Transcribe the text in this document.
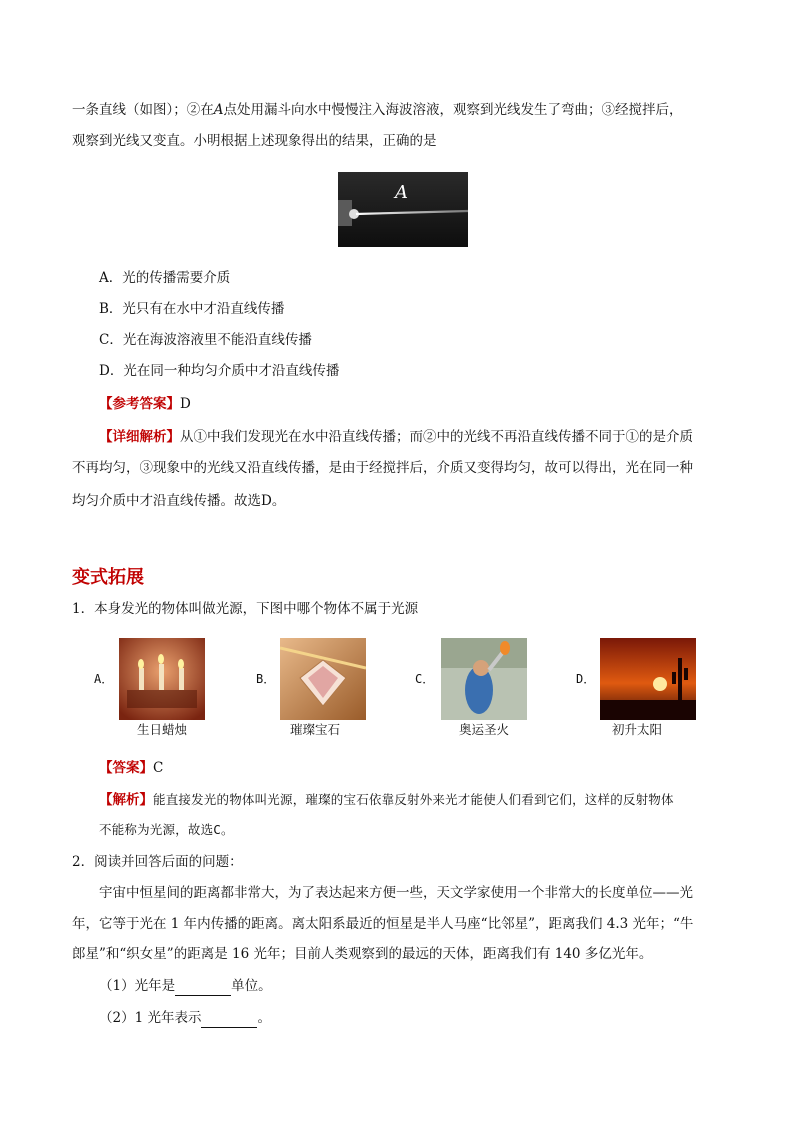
一条直线（如图）；②在A点处用漏斗向水中慢慢注入海波溶液，观察到光线发生了弯曲；③经搅拌后，
观察到光线又变直。小明根据上述现象得出的结果，正确的是
A
A．光的传播需要介质
B．光只有在水中才沿直线传播
C．光在海波溶液里不能沿直线传播
D．光在同一种均匀介质中才沿直线传播
【参考答案】D
【详细解析】从①中我们发现光在水中沿直线传播；而②中的光线不再沿直线传播不同于①的是介质
不再均匀，③现象中的光线又沿直线传播，是由于经搅拌后，介质又变得均匀，故可以得出，光在同一种
均匀介质中才沿直线传播。故选D。
变式拓展
1．本身发光的物体叫做光源，下图中哪个物体不属于光源
A．
生日蜡烛
B．
璀璨宝石
C．
奥运圣火
D．
初升太阳
【答案】C
【解析】能直接发光的物体叫光源，璀璨的宝石依靠反射外来光才能使人们看到它们，这样的反射物体
不能称为光源，故选C。
2．阅读并回答后面的问题：
宇宙中恒星间的距离都非常大，为了表达起来方便一些，天文学家使用一个非常大的长度单位——光
年，它等于光在 1 年内传播的距离。离太阳系最近的恒星是半人马座“比邻星”，距离我们 4.3 光年；“牛
郎星”和“织女星”的距离是 16 光年；目前人类观察到的最远的天体，距离我们有 140 多亿光年。
（1）光年是	单位。
（2）1 光年表示	。
